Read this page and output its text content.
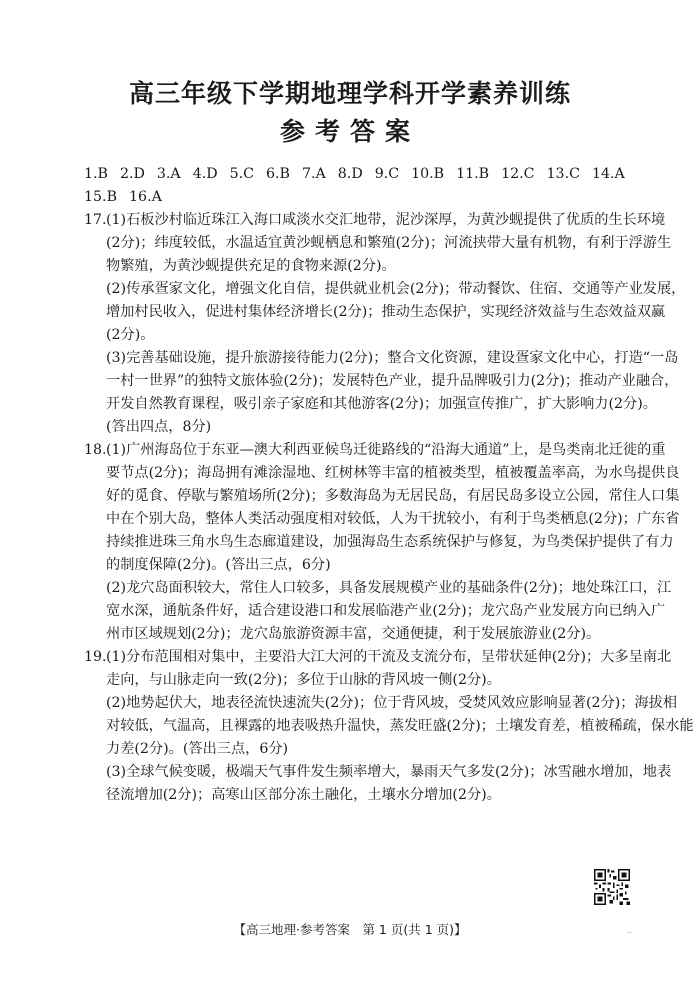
高三年级下学期地理学科开学素养训练
参考答案
1.B 2.D 3.A 4.D 5.C 6.B 7.A 8.D 9.C 10.B 11.B 12.C 13.C 14.A
15.B 16.A
17.(1)石板沙村临近珠江入海口咸淡水交汇地带，泥沙深厚，为黄沙蚬提供了优质的生长环境
(2分)；纬度较低，水温适宜黄沙蚬栖息和繁殖(2分)；河流挟带大量有机物，有利于浮游生
物繁殖，为黄沙蚬提供充足的食物来源(2分)。
(2)传承疍家文化，增强文化自信，提供就业机会(2分)；带动餐饮、住宿、交通等产业发展，
增加村民收入，促进村集体经济增长(2分)；推动生态保护，实现经济效益与生态效益双赢
(2分)。
(3)完善基础设施，提升旅游接待能力(2分)；整合文化资源，建设疍家文化中心，打造“一岛
一村一世界”的独特文旅体验(2分)；发展特色产业，提升品牌吸引力(2分)；推动产业融合，
开发自然教育课程，吸引亲子家庭和其他游客(2分)；加强宣传推广，扩大影响力(2分)。
(答出四点，8分)
18.(1)广州海岛位于东亚—澳大利西亚候鸟迁徙路线的“沿海大通道”上，是鸟类南北迁徙的重
要节点(2分)；海岛拥有滩涂湿地、红树林等丰富的植被类型，植被覆盖率高，为水鸟提供良
好的觅食、停歇与繁殖场所(2分)；多数海岛为无居民岛，有居民岛多设立公园，常住人口集
中在个别大岛，整体人类活动强度相对较低，人为干扰较小，有利于鸟类栖息(2分)；广东省
持续推进珠三角水鸟生态廊道建设，加强海岛生态系统保护与修复，为鸟类保护提供了有力
的制度保障(2分)。(答出三点，6分)
(2)龙穴岛面积较大，常住人口较多，具备发展规模产业的基础条件(2分)；地处珠江口，江
宽水深，通航条件好，适合建设港口和发展临港产业(2分)；龙穴岛产业发展方向已纳入广
州市区域规划(2分)；龙穴岛旅游资源丰富，交通便捷，利于发展旅游业(2分)。
19.(1)分布范围相对集中，主要沿大江大河的干流及支流分布，呈带状延伸(2分)；大多呈南北
走向，与山脉走向一致(2分)；多位于山脉的背风坡一侧(2分)。
(2)地势起伏大，地表径流快速流失(2分)；位于背风坡，受焚风效应影响显著(2分)；海拔相
对较低，气温高，且裸露的地表吸热升温快，蒸发旺盛(2分)；土壤发育差，植被稀疏，保水能
力差(2分)。(答出三点，6分)
(3)全球气候变暖，极端天气事件发生频率增大，暴雨天气多发(2分)；冰雪融水增加，地表
径流增加(2分)；高寒山区部分冻土融化，土壤水分增加(2分)。
【高三地理·参考答案　第 1 页(共 1 页)】	..
